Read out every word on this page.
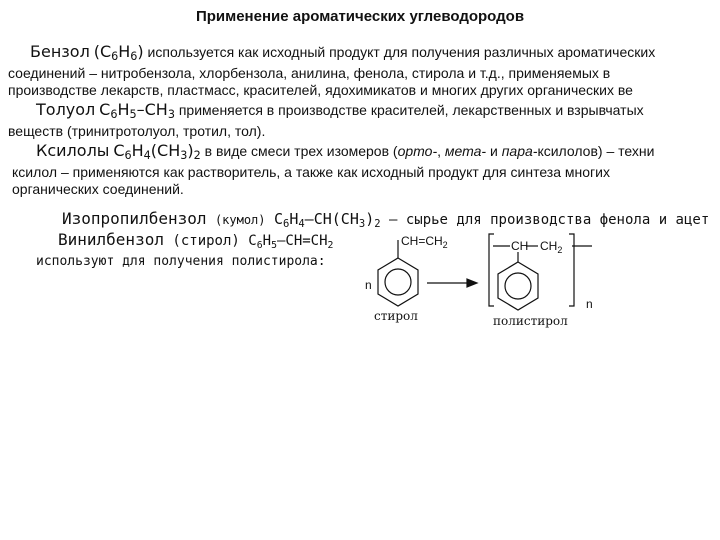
Применение ароматических углеводородов
Бензол $(C_6H_6)$ используется как исходный продукт для получения различных ароматических
соединений – нитробензола, хлорбензола, анилина, фенола, стирола и т.д., применяемых в
производстве лекарств, пластмасс, красителей, ядохимикатов и многих других органических ве
Толуол $C_6H_5-CH_3$ применяется в производстве красителей, лекарственных и взрывчатых
веществ (тринитротолуол, тротил, тол).
Ксилолы $C_6H_4(CH_3)_2$ в виде смеси трех изомеров (орто-, мета- и пара-ксилолов) – техни
ксилол – применяются как растворитель, а также как исходный продукт для синтеза многих
органических соединений.
Изопропилбензол (кумол) $C_6H_4-CH(CH_3)_2$ – сырье для производства фенола и ацет
Винилбензол (стирол) $C_6H_5-CH=CH_2$
используют для получения полистирола:
$CH=CH_2$
n
стирол
CH $CH_2$
n
полистирол
